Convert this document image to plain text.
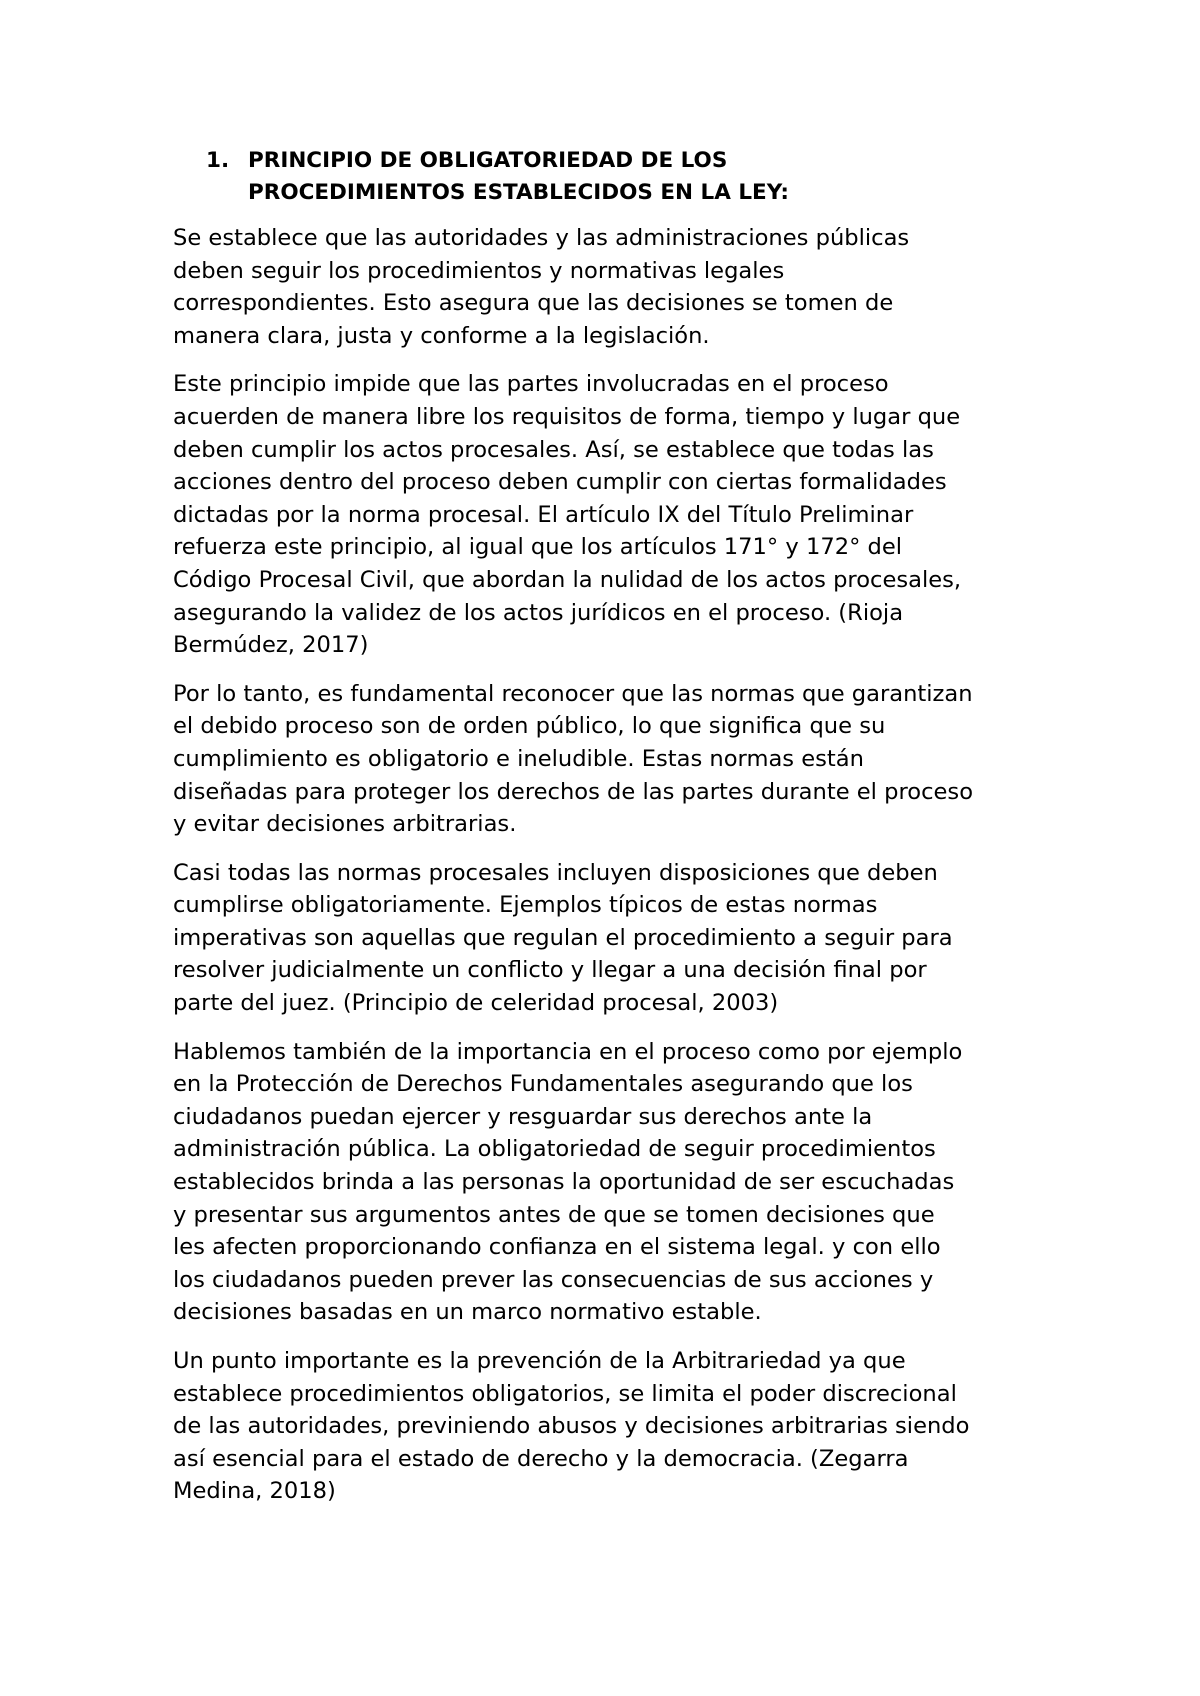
1. PRINCIPIO DE OBLIGATORIEDAD DE LOS
PROCEDIMIENTOS ESTABLECIDOS EN LA LEY:

Se establece que las autoridades y las administraciones públicas
deben seguir los procedimientos y normativas legales
correspondientes. Esto asegura que las decisiones se tomen de
manera clara, justa y conforme a la legislación.

Este principio impide que las partes involucradas en el proceso
acuerden de manera libre los requisitos de forma, tiempo y lugar que
deben cumplir los actos procesales. Así, se establece que todas las
acciones dentro del proceso deben cumplir con ciertas formalidades
dictadas por la norma procesal. El artículo IX del Título Preliminar
refuerza este principio, al igual que los artículos 171° y 172° del
Código Procesal Civil, que abordan la nulidad de los actos procesales,
asegurando la validez de los actos jurídicos en el proceso. (Rioja
Bermúdez, 2017)

Por lo tanto, es fundamental reconocer que las normas que garantizan
el debido proceso son de orden público, lo que significa que su
cumplimiento es obligatorio e ineludible. Estas normas están
diseñadas para proteger los derechos de las partes durante el proceso
y evitar decisiones arbitrarias.

Casi todas las normas procesales incluyen disposiciones que deben
cumplirse obligatoriamente. Ejemplos típicos de estas normas
imperativas son aquellas que regulan el procedimiento a seguir para
resolver judicialmente un conflicto y llegar a una decisión final por
parte del juez. (Principio de celeridad procesal, 2003)

Hablemos también de la importancia en el proceso como por ejemplo
en la Protección de Derechos Fundamentales asegurando que los
ciudadanos puedan ejercer y resguardar sus derechos ante la
administración pública. La obligatoriedad de seguir procedimientos
establecidos brinda a las personas la oportunidad de ser escuchadas
y presentar sus argumentos antes de que se tomen decisiones que
les afecten proporcionando confianza en el sistema legal. y con ello
los ciudadanos pueden prever las consecuencias de sus acciones y
decisiones basadas en un marco normativo estable.

Un punto importante es la prevención de la Arbitrariedad ya que
establece procedimientos obligatorios, se limita el poder discrecional
de las autoridades, previniendo abusos y decisiones arbitrarias siendo
así esencial para el estado de derecho y la democracia. (Zegarra
Medina, 2018)
